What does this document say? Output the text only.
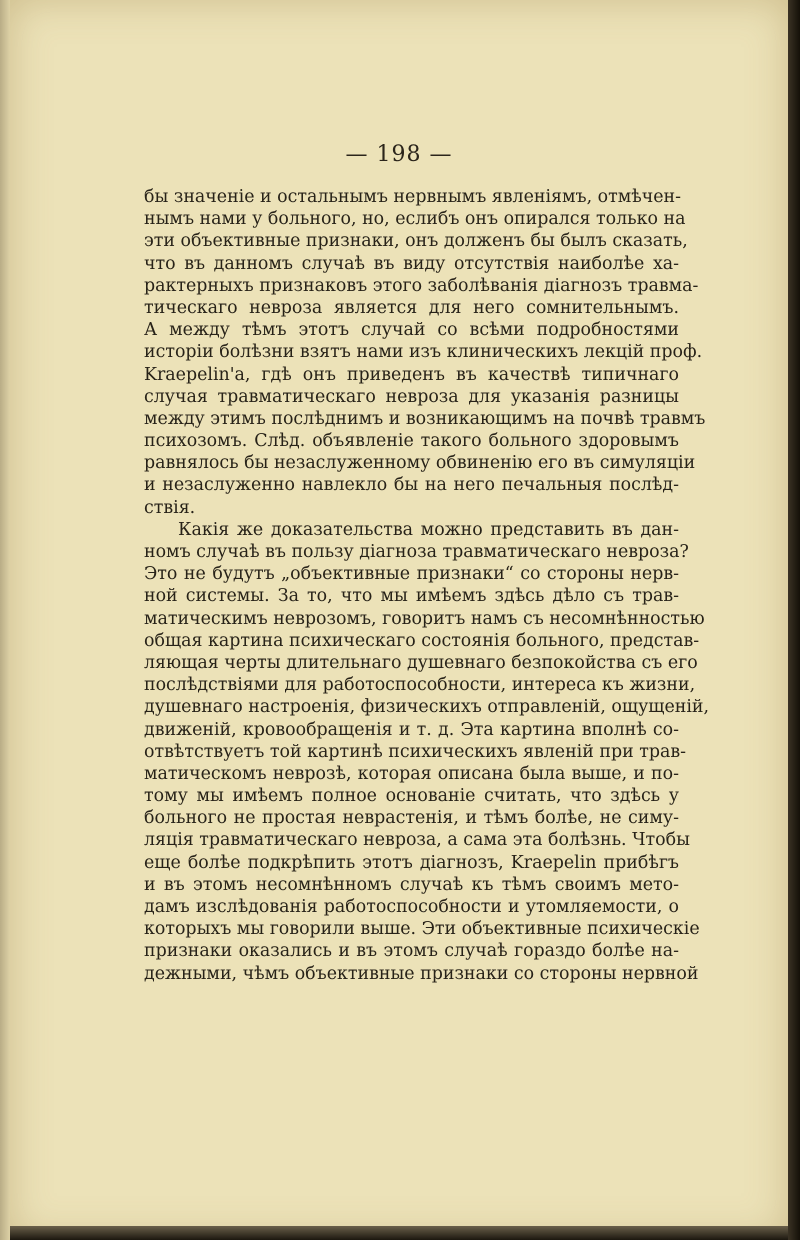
— 198 —
бы значеніе и остальнымъ нервнымъ явленіямъ, отмѣчен-
нымъ нами у больного, но, еслибъ онъ опирался только на
эти объективные признаки, онъ долженъ бы былъ сказать,
что въ данномъ случаѣ въ виду отсутствія наиболѣе ха-
рактерныхъ признаковъ этого заболѣванія діагнозъ травма-
тическаго невроза является для него сомнительнымъ.
А между тѣмъ этотъ случай со всѣми подробностями
исторіи болѣзни взятъ нами изъ клиническихъ лекцій проф.
Kraepelin'а, гдѣ онъ приведенъ въ качествѣ типичнаго
случая травматическаго невроза для указанія разницы
между этимъ послѣднимъ и возникающимъ на почвѣ травмъ
психозомъ. Слѣд. объявленіе такого больного здоровымъ
равнялось бы незаслуженному обвиненію его въ симуляціи
и незаслуженно навлекло бы на него печальныя послѣд-
ствія.
Какія же доказательства можно представить въ дан-
номъ случаѣ въ пользу діагноза травматическаго невроза?
Это не будутъ „объективные признаки“ со стороны нерв-
ной системы. За то, что мы имѣемъ здѣсь дѣло съ трав-
матическимъ неврозомъ, говоритъ намъ съ несомнѣнностью
общая картина психическаго состоянія больного, представ-
ляющая черты длительнаго душевнаго безпокойства съ его
послѣдствіями для работоспособности, интереса къ жизни,
душевнаго настроенія, физическихъ отправленій, ощущеній,
движеній, кровообращенія и т. д. Эта картина вполнѣ со-
отвѣтствуетъ той картинѣ психическихъ явленій при трав-
матическомъ неврозѣ, которая описана была выше, и по-
тому мы имѣемъ полное основаніе считать, что здѣсь у
больного не простая неврастенія, и тѣмъ болѣе, не симу-
ляція травматическаго невроза, а сама эта болѣзнь. Чтобы
еще болѣе подкрѣпить этотъ діагнозъ, Kraepelin прибѣгъ
и въ этомъ несомнѣнномъ случаѣ къ тѣмъ своимъ мето-
дамъ изслѣдованія работоспособности и утомляемости, о
которыхъ мы говорили выше. Эти объективные психическіе
признаки оказались и въ этомъ случаѣ гораздо болѣе на-
дежными, чѣмъ объективные признаки со стороны нервной
